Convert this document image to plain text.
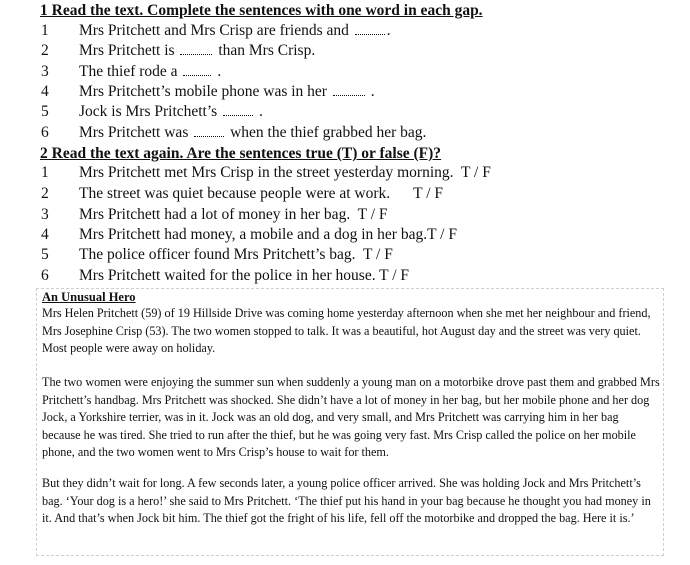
1 Read the text. Complete the sentences with one word in each gap.
1	Mrs Pritchett and Mrs Crisp are friends and .
2	Mrs Pritchett is	than Mrs Crisp.
3	The thief rode a	.
4	Mrs Pritchett’s mobile phone was in her	.
5	Jock is Mrs Pritchett’s	.
6	Mrs Pritchett was	when the thief grabbed her bag.
2 Read the text again. Are the sentences true (T) or false (F)?
1	Mrs Pritchett met Mrs Crisp in the street yesterday morning.  T / F
2	The street was quiet because people were at work.      T / F
3	Mrs Pritchett had a lot of money in her bag.  T / F
4	Mrs Pritchett had money, a mobile and a dog in her bag.T / F
5	The police officer found Mrs Pritchett’s bag.  T / F
6	Mrs Pritchett waited for the police in her house. T / F
An Unusual Hero
Mrs Helen Pritchett (59) of 19 Hillside Drive was coming home yesterday afternoon when she met her neighbour and friend, Mrs Josephine Crisp (53). The two women stopped to talk. It was a beautiful, hot August day and the street was very quiet. Most people were away on holiday.
The two women were enjoying the summer sun when suddenly a young man on a motorbike drove past them and grabbed Mrs Pritchett’s handbag. Mrs Pritchett was shocked. She didn’t have a lot of money in her bag, but her mobile phone and her dog Jock, a Yorkshire terrier, was in it. Jock was an old dog, and very small, and Mrs Pritchett was carrying him in her bag because he was tired. She tried to run after the thief, but he was going very fast. Mrs Crisp called the police on her mobile phone, and the two women went to Mrs Crisp’s house to wait for them.
But they didn’t wait for long. A few seconds later, a young police officer arrived. She was holding Jock and Mrs Pritchett’s bag. ‘Your dog is a hero!’ she said to Mrs Pritchett. ‘The thief put his hand in your bag because he thought you had money in it. And that’s when Jock bit him. The thief got the fright of his life, fell off the motorbike and dropped the bag. Here it is.’
